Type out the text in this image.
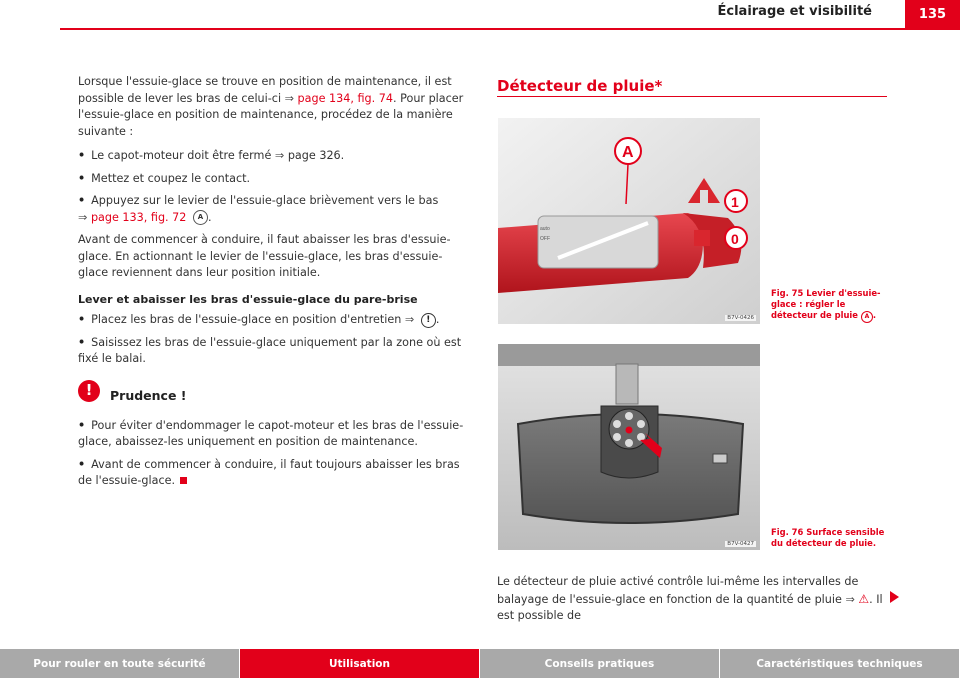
Éclairage et visibilité	135

Lorsque l'essuie-glace se trouve en position de maintenance, il est possible de lever les bras de celui-ci ⇒ page 134, fig. 74. Pour placer l'essuie-glace en position de maintenance, procédez de la manière suivante :

• Le capot-moteur doit être fermé ⇒ page 326.
• Mettez et coupez le contact.
• Appuyez sur le levier de l'essuie-glace brièvement vers le bas
⇒ page 133, fig. 72 A .

Avant de commencer à conduire, il faut abaisser les bras d'essuie-glace. En actionnant le levier de l'essuie-glace, les bras d'essuie-glace reviennent dans leur position initiale.

Lever et abaisser les bras d'essuie-glace du pare-brise
• Placez les bras de l'essuie-glace en position d'entretien ⇒ ! .
• Saisissez les bras de l'essuie-glace uniquement par la zone où est fixé le balai.
!	Prudence !
• Pour éviter d'endommager le capot-moteur et les bras de l'essuie-glace, abaissez-les uniquement en position de maintenance.
• Avant de commencer à conduire, il faut toujours abaisser les bras de l'essuie-glace.
Détecteur de pluie*
auto
OFF
A
1
0
B7V-0426
Fig. 75 Levier d'essuie-glace : régler le détecteur de pluie A .
B7V-0427
Fig. 76 Surface sensible du détecteur de pluie.
Le détecteur de pluie activé contrôle lui-même les intervalles de balayage de l'essuie-glace en fonction de la quantité de pluie ⇒ ⚠. Il est possible de
Pour rouler en toute sécurité	Utilisation	Conseils pratiques	Caractéristiques techniques
